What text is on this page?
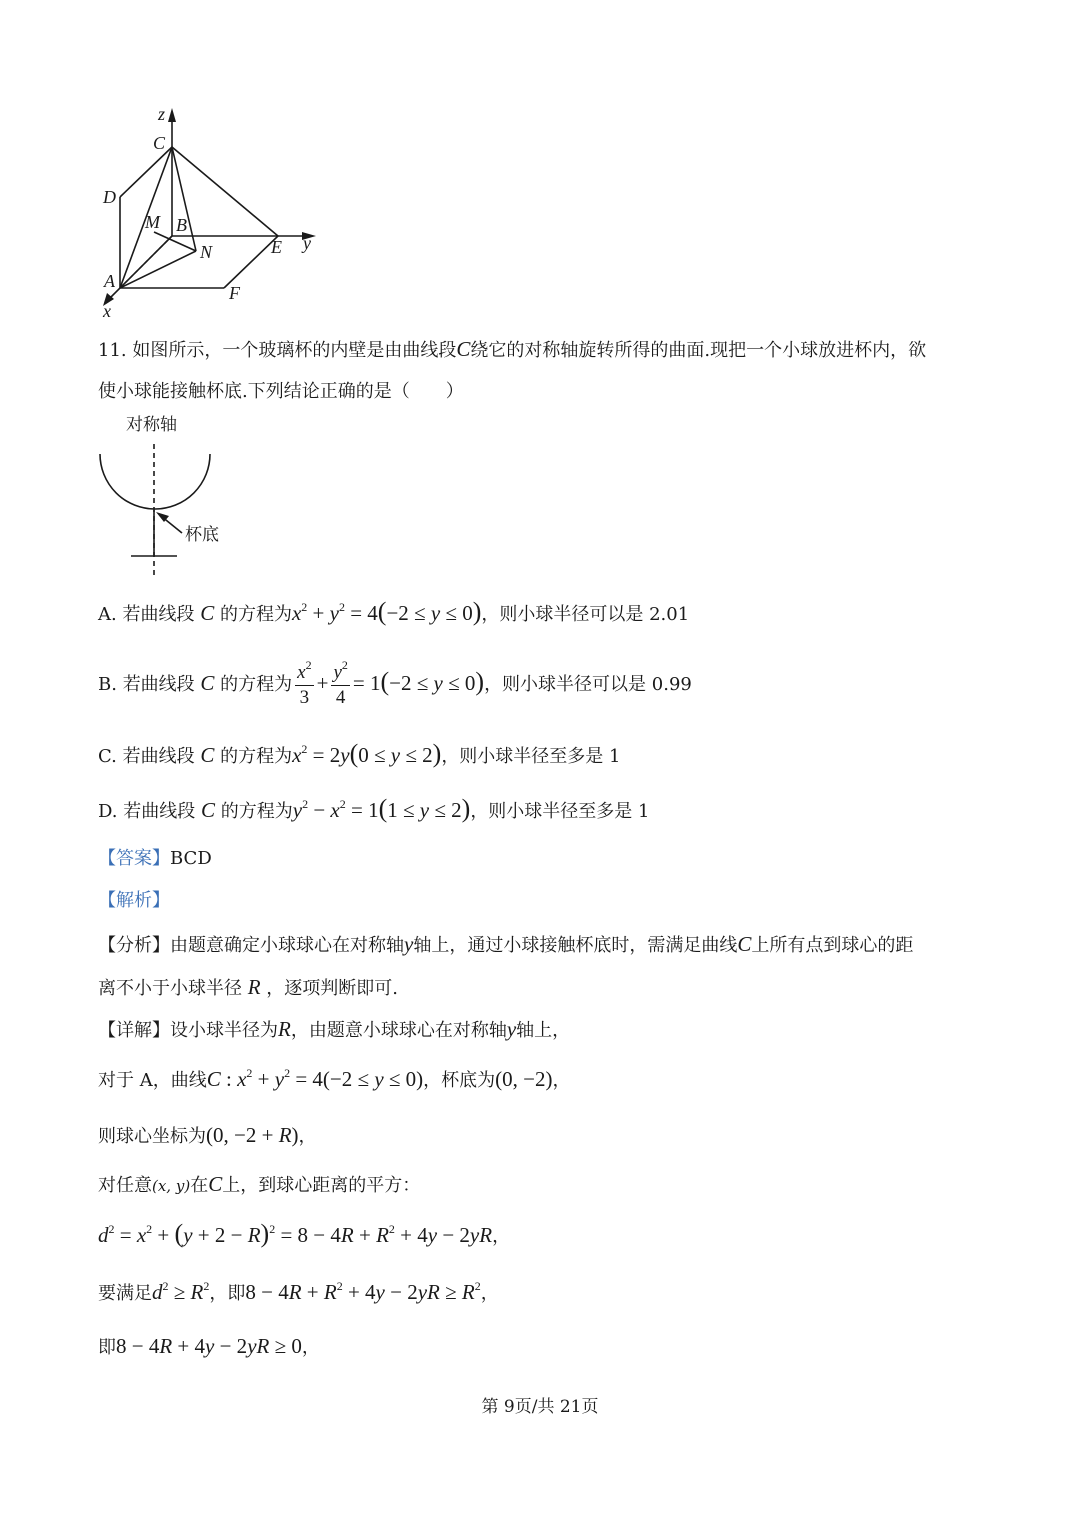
z
C
D
M B
N	E y
A
F
x
11. 如图所示，一个玻璃杯的内壁是由曲线段C绕它的对称轴旋转所得的曲面.现把一个小球放进杯内，欲
使小球能接触杯底.下列结论正确的是（　　）
对称轴
杯底
A. 若曲线段 C 的方程为$x^2 + y^2 = 4(-2 \le y \le 0)$，则小球半径可以是 2.01
B. 若曲线段 C 的方程为 $\frac{x^2}{3} + \frac{y^2}{4} = 1(-2 \le y \le 0)$，则小球半径可以是 0.99
C. 若曲线段 C 的方程为$x^2 = 2y(0 \le y \le 2)$，则小球半径至多是 1
D. 若曲线段 C 的方程为$y^2 - x^2 = 1(1 \le y \le 2)$，则小球半径至多是 1
【答案】BCD
【解析】
【分析】由题意确定小球球心在对称轴y轴上，通过小球接触杯底时，需满足曲线C上所有点到球心的距
离不小于小球半径 R ，逐项判断即可.
【详解】设小球半径为R，由题意小球球心在对称轴y轴上，
对于 A，曲线C : $x^2 + y^2 = 4(-2 \le y \le 0)$，杯底为(0, −2)，
则球心坐标为(0, −2 + R)，
对任意(x, y)在C上，到球心距离的平方：
$d^2 = x^2 + (y + 2 - R)^2 = 8 - 4R + R^2 + 4y - 2yR$，
要满足$d^2 \ge R^2$，即$8 - 4R + R^2 + 4y - 2yR \ge R^2$，
即8 − 4R + 4y − 2yR ≥ 0，
第 9页/共 21页
